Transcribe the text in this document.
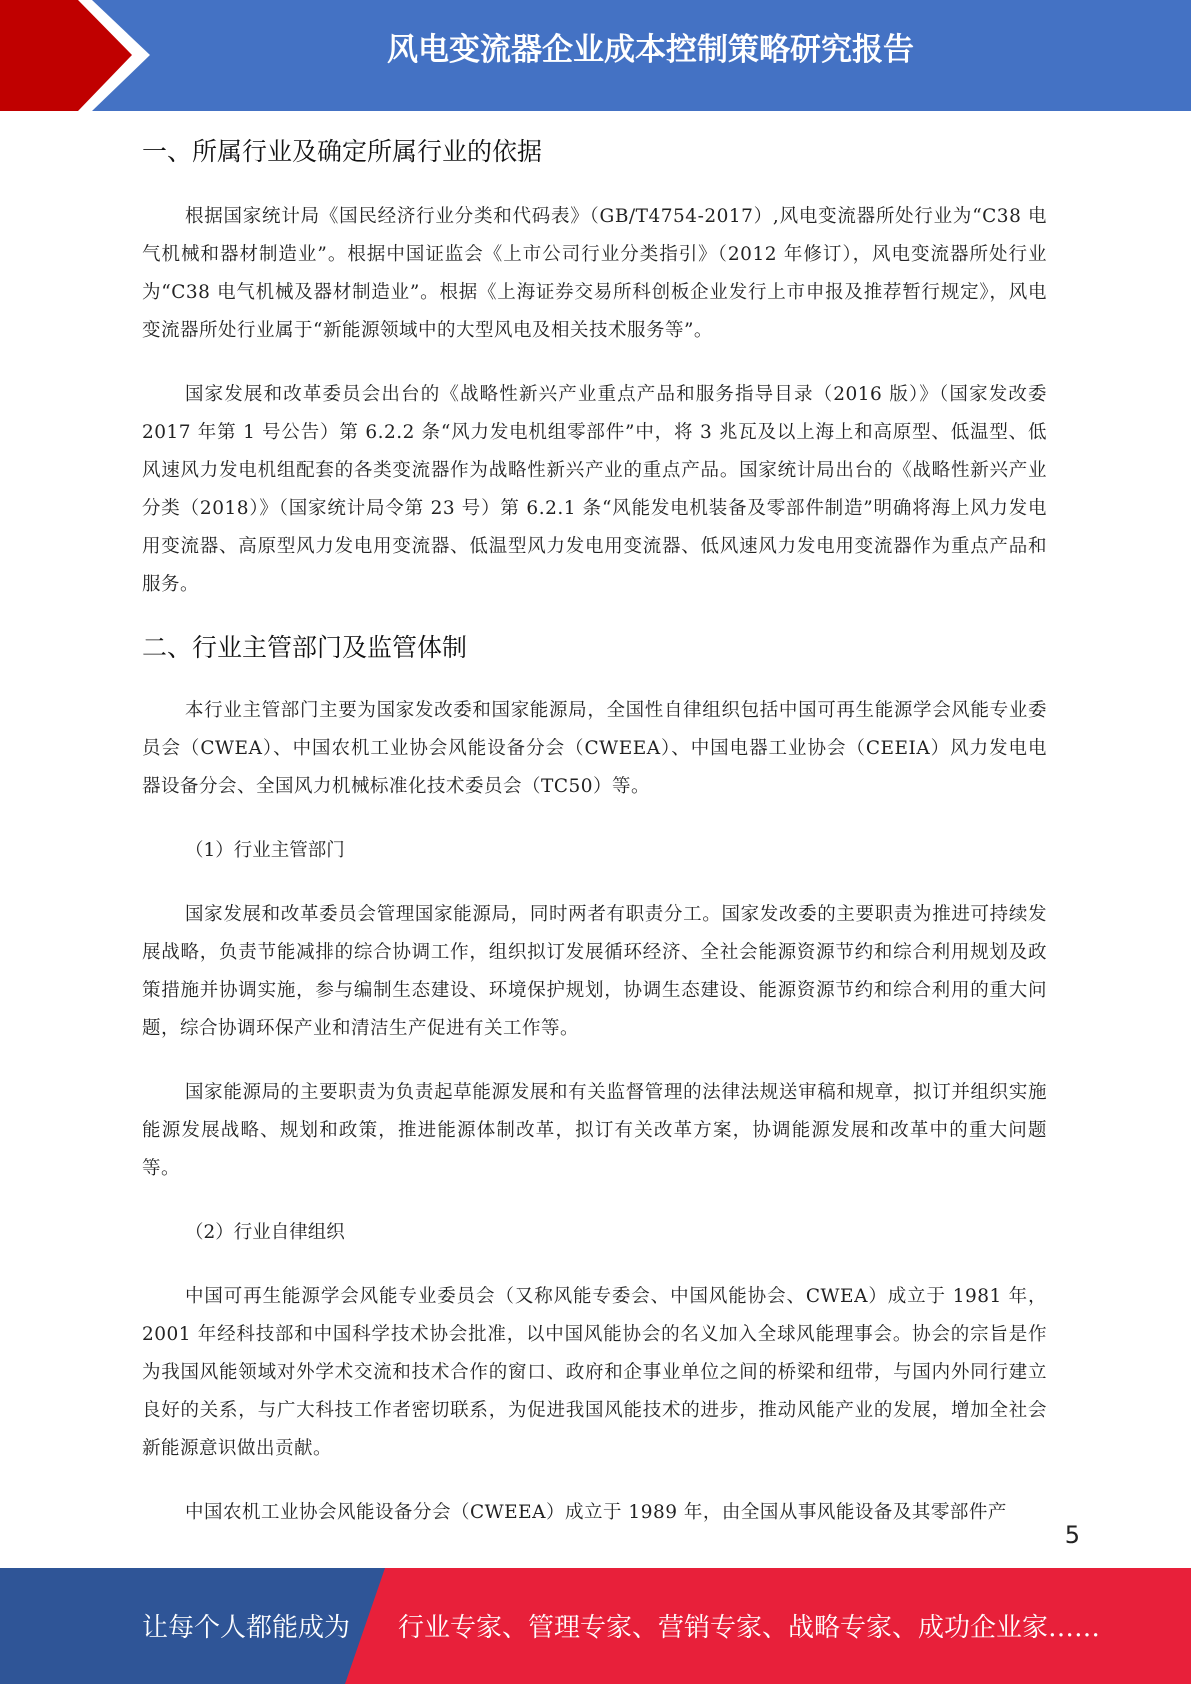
风电变流器企业成本控制策略研究报告
一、所属行业及确定所属行业的依据

根据国家统计局《国民经济行业分类和代码表》（GB/T4754-2017）,风电变流器所处行业为“C38 电气机械和器材制造业”。根据中国证监会《上市公司行业分类指引》（2012 年修订），风电变流器所处行业为“C38 电气机械及器材制造业”。根据《上海证券交易所科创板企业发行上市申报及推荐暂行规定》，风电变流器所处行业属于“新能源领域中的大型风电及相关技术服务等”。

国家发展和改革委员会出台的《战略性新兴产业重点产品和服务指导目录（2016 版）》（国家发改委 2017 年第 1 号公告）第 6.2.2 条“风力发电机组零部件”中，将 3 兆瓦及以上海上和高原型、低温型、低风速风力发电机组配套的各类变流器作为战略性新兴产业的重点产品。国家统计局出台的《战略性新兴产业分类（2018）》（国家统计局令第 23 号）第 6.2.1 条“风能发电机装备及零部件制造”明确将海上风力发电用变流器、高原型风力发电用变流器、低温型风力发电用变流器、低风速风力发电用变流器作为重点产品和服务。

二、行业主管部门及监管体制

本行业主管部门主要为国家发改委和国家能源局，全国性自律组织包括中国可再生能源学会风能专业委员会（CWEA）、中国农机工业协会风能设备分会（CWEEA）、中国电器工业协会（CEEIA）风力发电电器设备分会、全国风力机械标准化技术委员会（TC50）等。

（1）行业主管部门

国家发展和改革委员会管理国家能源局，同时两者有职责分工。国家发改委的主要职责为推进可持续发展战略，负责节能减排的综合协调工作，组织拟订发展循环经济、全社会能源资源节约和综合利用规划及政策措施并协调实施，参与编制生态建设、环境保护规划，协调生态建设、能源资源节约和综合利用的重大问题，综合协调环保产业和清洁生产促进有关工作等。

国家能源局的主要职责为负责起草能源发展和有关监督管理的法律法规送审稿和规章，拟订并组织实施能源发展战略、规划和政策，推进能源体制改革，拟订有关改革方案，协调能源发展和改革中的重大问题等。

（2）行业自律组织

中国可再生能源学会风能专业委员会（又称风能专委会、中国风能协会、CWEA）成立于 1981 年，2001 年经科技部和中国科学技术协会批准，以中国风能协会的名义加入全球风能理事会。协会的宗旨是作为我国风能领域对外学术交流和技术合作的窗口、政府和企事业单位之间的桥梁和纽带，与国内外同行建立良好的关系，与广大科技工作者密切联系，为促进我国风能技术的进步，推动风能产业的发展，增加全社会新能源意识做出贡献。

中国农机工业协会风能设备分会（CWEEA）成立于 1989 年，由全国从事风能设备及其零部件产

5
让每个人都能成为 行业专家、管理专家、营销专家、战略专家、成功企业家……
